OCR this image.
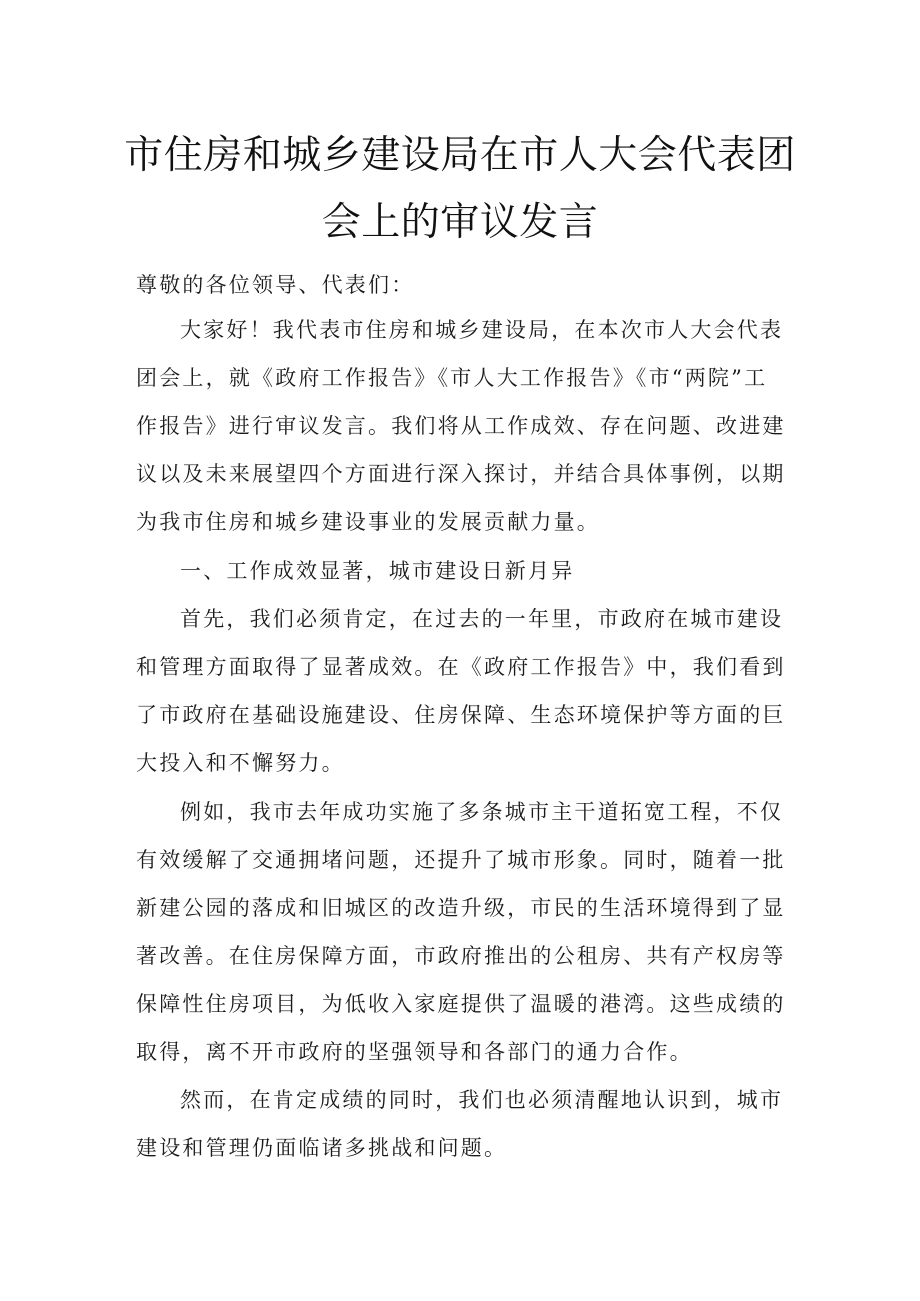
市住房和城乡建设局在市人大会代表团
会上的审议发言

尊敬的各位领导、代表们：

大家好！我代表市住房和城乡建设局，在本次市人大会代表团会上，就《政府工作报告》《市人大工作报告》《市“两院”工作报告》进行审议发言。我们将从工作成效、存在问题、改进建议以及未来展望四个方面进行深入探讨，并结合具体事例，以期为我市住房和城乡建设事业的发展贡献力量。

一、工作成效显著，城市建设日新月异

首先，我们必须肯定，在过去的一年里，市政府在城市建设和管理方面取得了显著成效。在《政府工作报告》中，我们看到了市政府在基础设施建设、住房保障、生态环境保护等方面的巨大投入和不懈努力。

例如，我市去年成功实施了多条城市主干道拓宽工程，不仅有效缓解了交通拥堵问题，还提升了城市形象。同时，随着一批新建公园的落成和旧城区的改造升级，市民的生活环境得到了显著改善。在住房保障方面，市政府推出的公租房、共有产权房等保障性住房项目，为低收入家庭提供了温暖的港湾。这些成绩的取得，离不开市政府的坚强领导和各部门的通力合作。

然而，在肯定成绩的同时，我们也必须清醒地认识到，城市建设和管理仍面临诸多挑战和问题。
